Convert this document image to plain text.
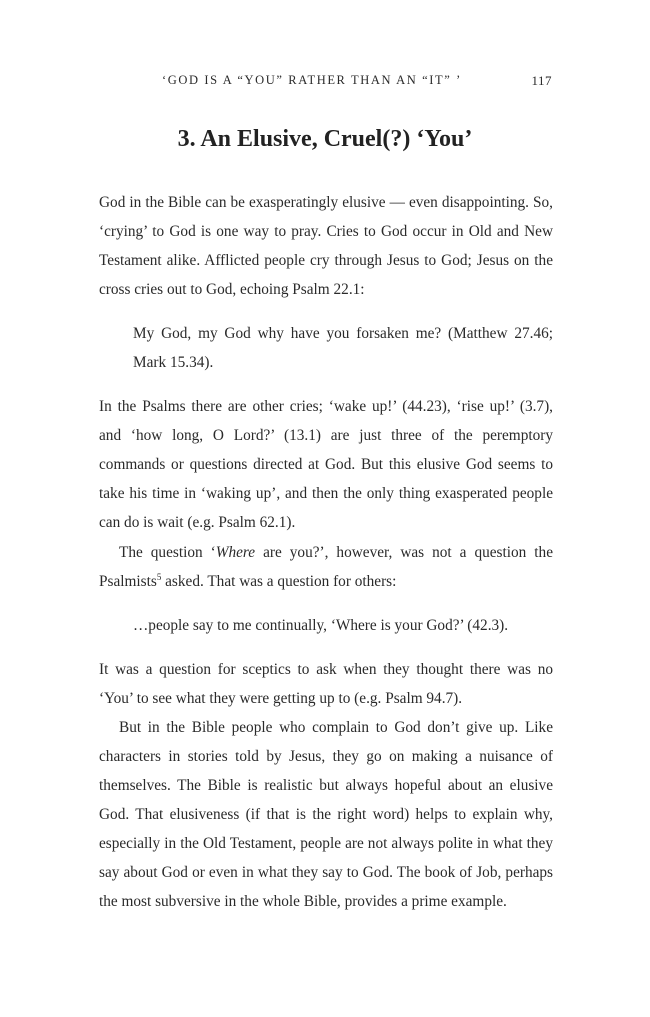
‘GOD IS A “YOU” RATHER THAN AN “IT” ’	117
3. An Elusive, Cruel(?) ‘You’

God in the Bible can be exasperatingly elusive — even disappointing. So, ‘crying’ to God is one way to pray. Cries to God occur in Old and New Testament alike. Afflicted people cry through Jesus to God; Jesus on the cross cries out to God, echoing Psalm 22.1:

My God, my God why have you forsaken me? (Matthew 27.46; Mark 15.34).

In the Psalms there are other cries; ‘wake up!’ (44.23), ‘rise up!’ (3.7), and ‘how long, O Lord?’ (13.1) are just three of the peremptory commands or questions directed at God. But this elusive God seems to take his time in ‘waking up’, and then the only thing exasperated people can do is wait (e.g. Psalm 62.1).

The question ‘Where are you?’, however, was not a question the Psalmists$^5$ asked. That was a question for others:

…people say to me continually, ‘Where is your God?’ (42.3).

It was a question for sceptics to ask when they thought there was no ‘You’ to see what they were getting up to (e.g. Psalm 94.7).

But in the Bible people who complain to God don’t give up. Like characters in stories told by Jesus, they go on making a nuisance of themselves. The Bible is realistic but always hopeful about an elusive God. That elusiveness (if that is the right word) helps to explain why, especially in the Old Testament, people are not always polite in what they say about God or even in what they say to God. The book of Job, perhaps the most subversive in the whole Bible, provides a prime example.
